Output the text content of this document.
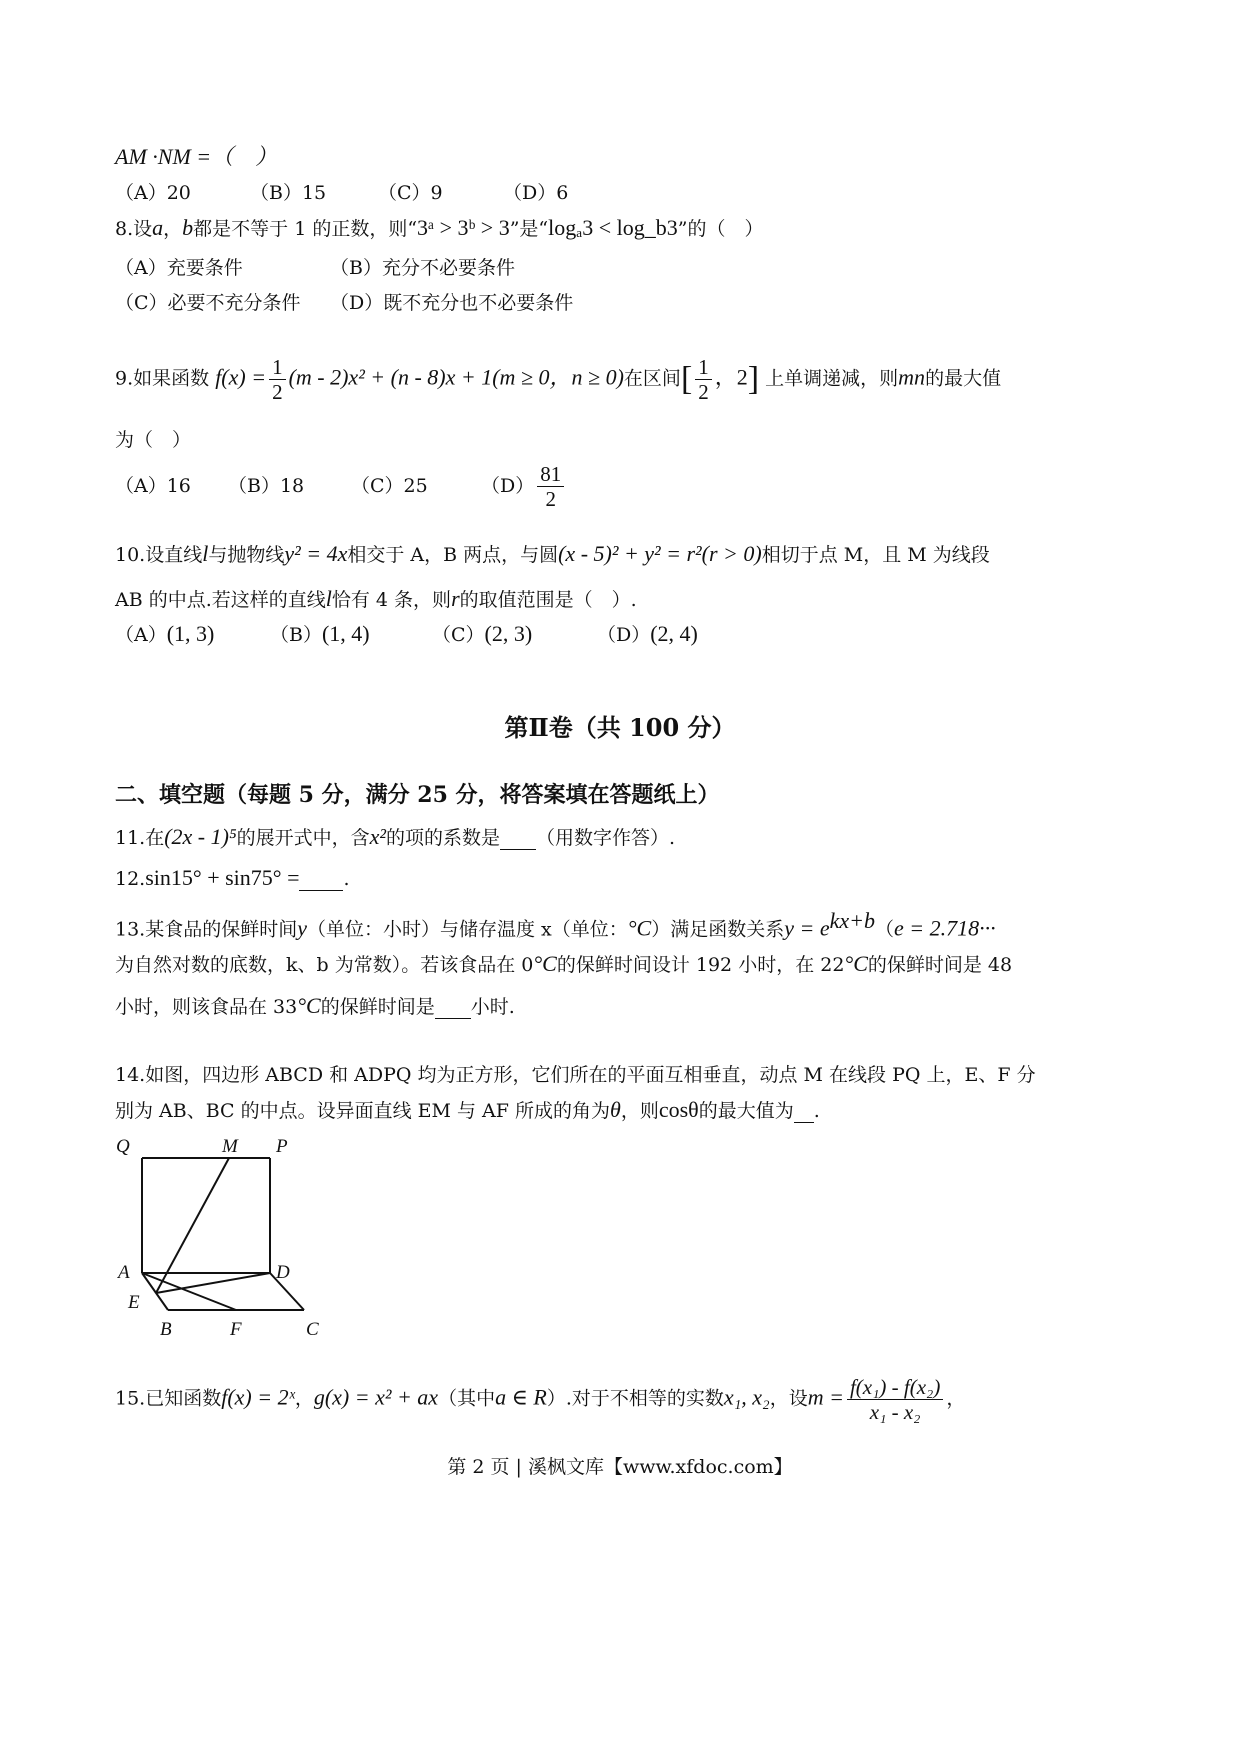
AM ·NM =（　）
（A）20	（B）15	（C）9	（D）6
8.设a，b都是不等于 1 的正数，则“3ᵃ > 3ᵇ > 3”是“logₐ3 < log_b3”的（　）
（A）充要条件	（B）充分不必要条件
（C）必要不充分条件 （D）既不充分也不必要条件
9.如果函数 $f(x) = \frac{1}{2} (m - 2)x^2 + (n - 8)x + 1(m \ge 0$，n ≥ 0)在区间[ $\frac{1}{2}$ ，2] 上单调递减，则mn的最大值
为（　）
（A）16 （B）18 （C）25	$(D) \frac{81}{2}$
10.设直线l与抛物线y² = 4x相交于 A，B 两点，与圆(x - 5)² + y² = r²(r > 0)相切于点 M，且 M 为线段
AB 的中点.若这样的直线l恰有 4 条，则r的取值范围是（　）.
（A）(1, 3)	（B）(1, 4)	（C）(2, 3)	（D）(2, 4)
第Ⅱ卷（共 100 分）
二、填空题（每题 5 分，满分 25 分，将答案填在答题纸上）
11.在(2x - 1)⁵的展开式中，含x²的项的系数是 （用数字作答）.
12.sin15° + sin75° = .
13.某食品的保鲜时间y（单位：小时）与储存温度 x（单位：°C）满足函数关系$y = e^{kx+b}(e = 2.718\cdot\cdot\cdot$
为自然对数的底数，k、b 为常数）。若该食品在 0°C的保鲜时间设计 192 小时，在 22°C的保鲜时间是 48
小时，则该食品在 33°C的保鲜时间是 小时.
14.如图，四边形 ABCD 和 ADPQ 均为正方形，它们所在的平面互相垂直，动点 M 在线段 PQ 上，E、F 分
别为 AB、BC 的中点。设异面直线 EM 与 AF 所成的角为θ，则cosθ的最大值为 .
Q	M P
A	D
E
B	F	C
15.已知函数f(x) = 2ˣ，g(x) = x² + ax（其中a ∈ R）.对于不相等的实数x₁, x₂，设$m = \frac{\text{f(x₁) - f(x₂)}}{\text{x₁ - x₂}}$ ，
第 2 页 | 溪枫文库【www.xfdoc.com】
